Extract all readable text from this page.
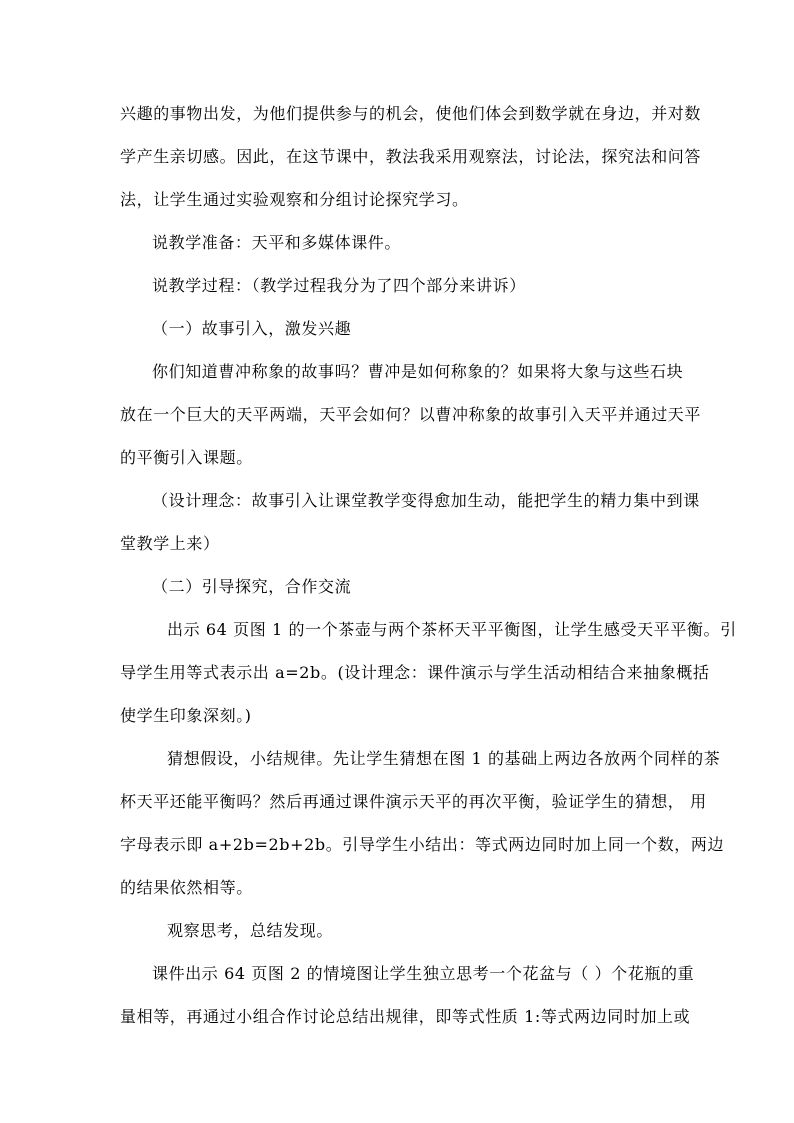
兴趣的事物出发，为他们提供参与的机会，使他们体会到数学就在身边，并对数
学产生亲切感。因此，在这节课中，教法我采用观察法，讨论法，探究法和问答
法，让学生通过实验观察和分组讨论探究学习。
说教学准备：天平和多媒体课件。
说教学过程：（教学过程我分为了四个部分来讲诉）
（一）故事引入，激发兴趣
你们知道曹冲称象的故事吗？曹冲是如何称象的？如果将大象与这些石块
放在一个巨大的天平两端，天平会如何？以曹冲称象的故事引入天平并通过天平
的平衡引入课题。
（设计理念：故事引入让课堂教学变得愈加生动，能把学生的精力集中到课
堂教学上来）
（二）引导探究，合作交流
出示 64 页图 1 的一个茶壶与两个茶杯天平平衡图，让学生感受天平平衡。引
导学生用等式表示出 a=2b。(设计理念：课件演示与学生活动相结合来抽象概括
使学生印象深刻。)
猜想假设，小结规律。先让学生猜想在图 1 的基础上两边各放两个同样的茶
杯天平还能平衡吗？然后再通过课件演示天平的再次平衡，验证学生的猜想， 用
字母表示即 a+2b=2b+2b。引导学生小结出：等式两边同时加上同一个数，两边
的结果依然相等。
观察思考，总结发现。
课件出示 64 页图 2 的情境图让学生独立思考一个花盆与（ ）个花瓶的重
量相等，再通过小组合作讨论总结出规律，即等式性质 1:等式两边同时加上或
